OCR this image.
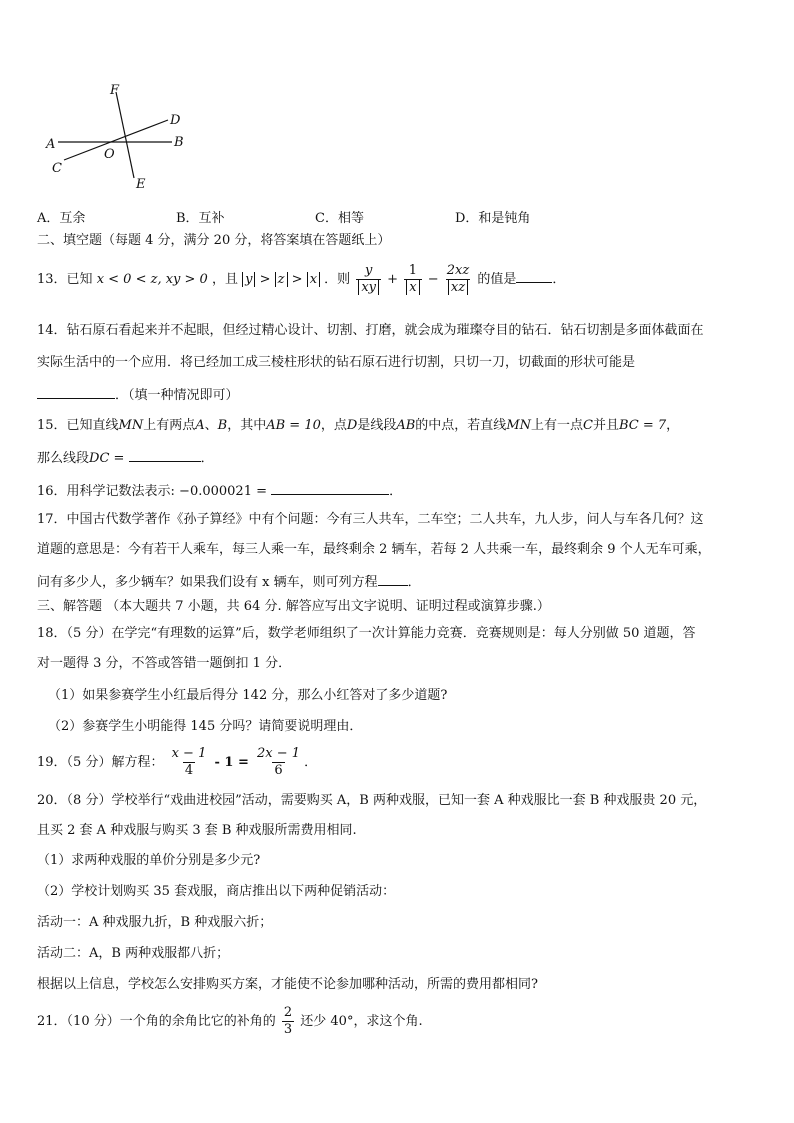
F
D
A	B
O
C
E
A．互余	B．互补	C．相等	D．和是钝角
二、填空题（每题 4 分，满分 20 分，将答案填在答题纸上）
13．已知 x < 0 < z, xy > 0 ，且 y > z > x ．则 $\frac{y}{xy} + \frac{1}{x} - \frac{2xz}{xz}$ 的值是	．
14．钻石原石看起来并不起眼，但经过精心设计、切割、打磨，就会成为璀璨夺目的钻石．钻石切割是多面体截面在
实际生活中的一个应用．将已经加工成三棱柱形状的钻石原石进行切割，只切一刀，切截面的形状可能是
．（填一种情况即可）
15．已知直线MN上有两点A、B，其中AB = 10，点D是线段AB的中点，若直线MN上有一点C并且BC = 7，
那么线段DC =	．
16．用科学记数法表示: −0.000021 =	．
17．中国古代数学著作《孙子算经》中有个问题：今有三人共车，二车空；二人共车，九人步，问人与车各几何？这
道题的意思是：今有若干人乘车，每三人乘一车，最终剩余 2 辆车，若每 2 人共乘一车，最终剩余 9 个人无车可乘，
问有多少人，多少辆车？如果我们设有 x 辆车，则可列方程 ．
三、解答题 （本大题共 7 小题，共 64 分. 解答应写出文字说明、证明过程或演算步骤.）
18．（5 分）在学完“有理数的运算”后，数学老师组织了一次计算能力竞赛．竞赛规则是：每人分别做 50 道题，答
对一题得 3 分，不答或答错一题倒扣 1 分．
（1）如果参赛学生小红最后得分 142 分，那么小红答对了多少道题?
（2）参赛学生小明能得 145 分吗？请简要说明理由．
19．（5 分）解方程： $\frac{x - 1}{4} - 1 = \frac{2x - 1}{6}$ ．
20．（8 分）学校举行“戏曲进校园”活动，需要购买 A，B 两种戏服，已知一套 A 种戏服比一套 B 种戏服贵 20 元，
且买 2 套 A 种戏服与购买 3 套 B 种戏服所需费用相同.
（1）求两种戏服的单价分别是多少元?
（2）学校计划购买 35 套戏服，商店推出以下两种促销活动：
活动一：A 种戏服九折，B 种戏服六折；
活动二：A，B 两种戏服都八折；
根据以上信息，学校怎么安排购买方案，才能使不论参加哪种活动，所需的费用都相同?
21．（10 分）一个角的余角比它的补角的 $\frac{2}{3}$ 还少 40°，求这个角.
